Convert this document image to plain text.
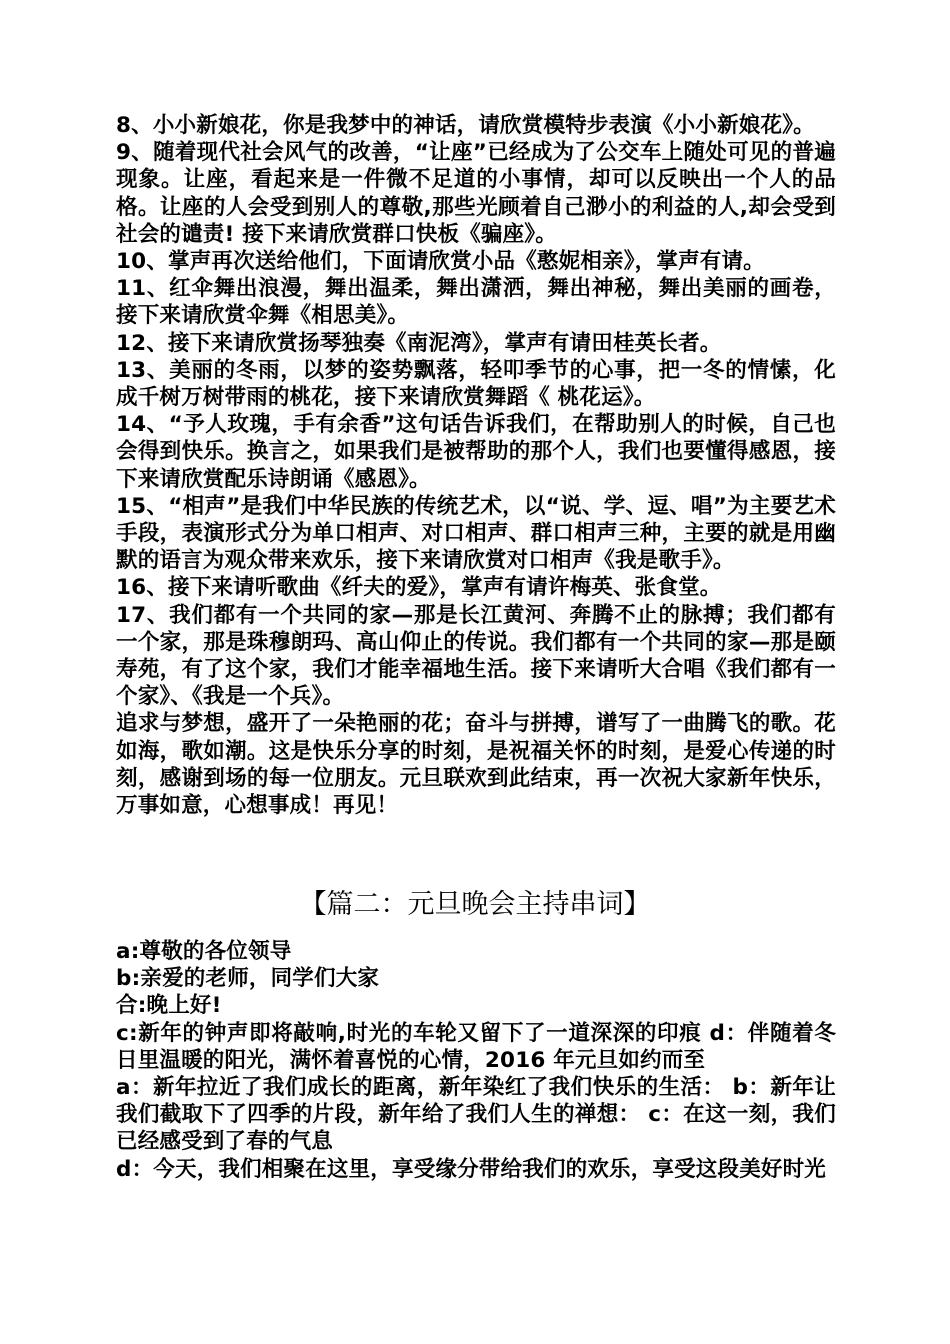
8、小小新娘花，你是我梦中的神话，请欣赏模特步表演《小小新娘花》。

9、随着现代社会风气的改善，“让座”已经成为了公交车上随处可见的普遍现象。让座，看起来是一件微不足道的小事情，却可以反映出一个人的品格。让座的人会受到别人的尊敬,那些光顾着自己渺小的利益的人,却会受到社会的谴责! 接下来请欣赏群口快板《骗座》。

10、掌声再次送给他们，下面请欣赏小品《憨妮相亲》，掌声有请。

11、红伞舞出浪漫，舞出温柔，舞出潇洒，舞出神秘，舞出美丽的画卷，接下来请欣赏伞舞《相思美》。

12、接下来请欣赏扬琴独奏《南泥湾》，掌声有请田桂英长者。

13、美丽的冬雨，以梦的姿势飘落，轻叩季节的心事，把一冬的情愫，化成千树万树带雨的桃花，接下来请欣赏舞蹈《 桃花运》。

14、“予人玫瑰，手有余香”这句话告诉我们，在帮助别人的时候，自己也会得到快乐。换言之，如果我们是被帮助的那个人，我们也要懂得感恩，接下来请欣赏配乐诗朗诵《感恩》。

15、“相声”是我们中华民族的传统艺术，以“说、学、逗、唱”为主要艺术手段，表演形式分为单口相声、对口相声、群口相声三种，主要的就是用幽默的语言为观众带来欢乐，接下来请欣赏对口相声《我是歌手》。

16、接下来请听歌曲《纤夫的爱》，掌声有请许梅英、张食堂。

17、我们都有一个共同的家—那是长江黄河、奔腾不止的脉搏；我们都有一个家，那是珠穆朗玛、高山仰止的传说。我们都有一个共同的家—那是颐寿苑，有了这个家，我们才能幸福地生活。接下来请听大合唱《我们都有一个家》、《我是一个兵》。

追求与梦想，盛开了一朵艳丽的花；奋斗与拼搏，谱写了一曲腾飞的歌。花如海，歌如潮。这是快乐分享的时刻，是祝福关怀的时刻，是爱心传递的时刻，感谢到场的每一位朋友。元旦联欢到此结束，再一次祝大家新年快乐，万事如意，心想事成！再见！

【篇二：元旦晚会主持串词】

a:尊敬的各位领导

b:亲爱的老师，同学们大家

合:晚上好!

c:新年的钟声即将敲响,时光的车轮又留下了一道深深的印痕 d：伴随着冬日里温暖的阳光，满怀着喜悦的心情，2016 年元旦如约而至

a：新年拉近了我们成长的距离，新年染红了我们快乐的生活： b：新年让我们截取下了四季的片段，新年给了我们人生的禅想： c：在这一刻，我们已经感受到了春的气息

d：今天，我们相聚在这里，享受缘分带给我们的欢乐，享受这段美好时光
